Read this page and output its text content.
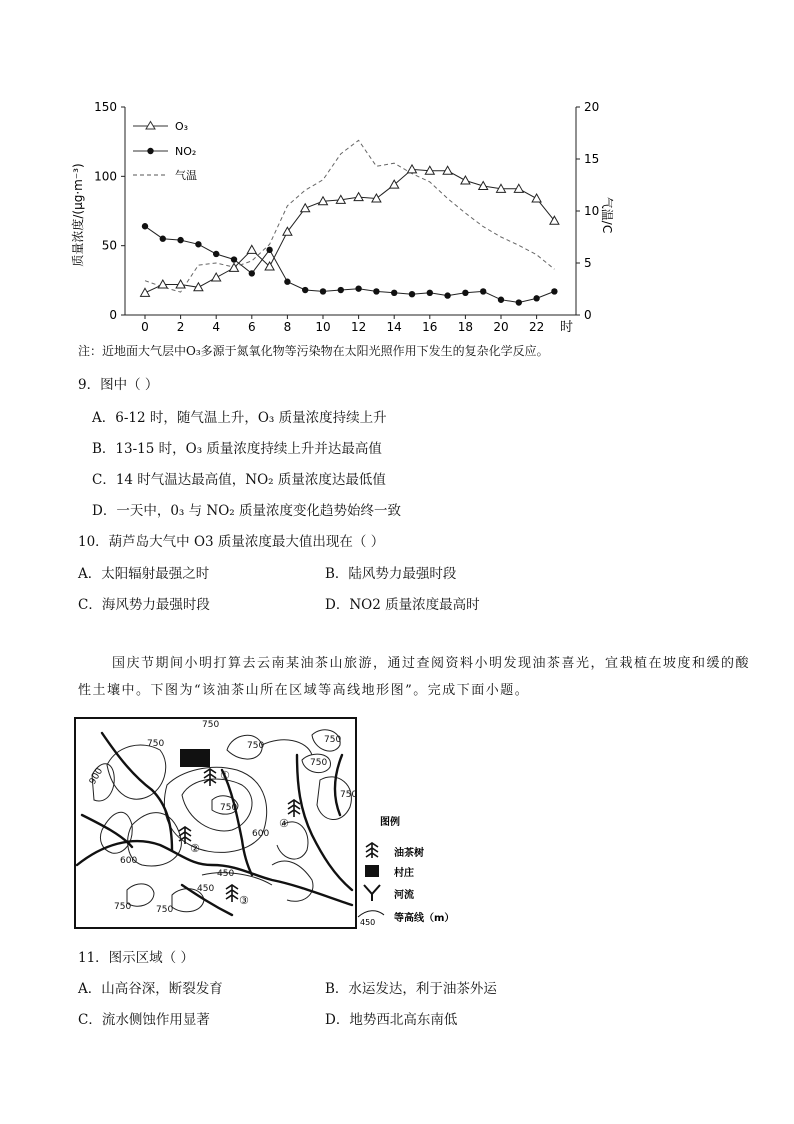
0 2 4 6 8 10 12 14 16 18 20 22
0
50
100
150
0
5
10
15
20
质量浓度/(μg·m⁻³)	气温/C
时
O₃
NO₂
气温
注：近地面大气层中O₃多源于氮氧化物等污染物在太阳光照作用下发生的复杂化学反应。
9．图中（ ）
A．6-12 时，随气温上升，O₃ 质量浓度持续上升
B．13-15 时，O₃ 质量浓度持续上升并达最高值
C．14 时气温达最高值，NO₂ 质量浓度达最低值
D．一天中，0₃ 与 NO₂ 质量浓度变化趋势始终一致
10．葫芦岛大气中 O3 质量浓度最大值出现在（ ）
A．太阳辐射最强之时	B．陆风势力最强时段
C．海风势力最强时段	D．NO2 质量浓度最高时
国庆节期间小明打算去云南某油茶山旅游，通过查阅资料小明发现油茶喜光，宜栽植在坡度和缓的酸
性土壤中。下图为“该油茶山所在区域等高线地形图”。完成下面小题。
750
750	750
750
750
750
750
600
600
450
450
900
750	750
①
②
③
④	图例
油茶树
村庄
河流
450 等高线（m）
11．图示区域（ ）
A．山高谷深，断裂发育	B．水运发达，利于油茶外运
C．流水侧蚀作用显著	D．地势西北高东南低
